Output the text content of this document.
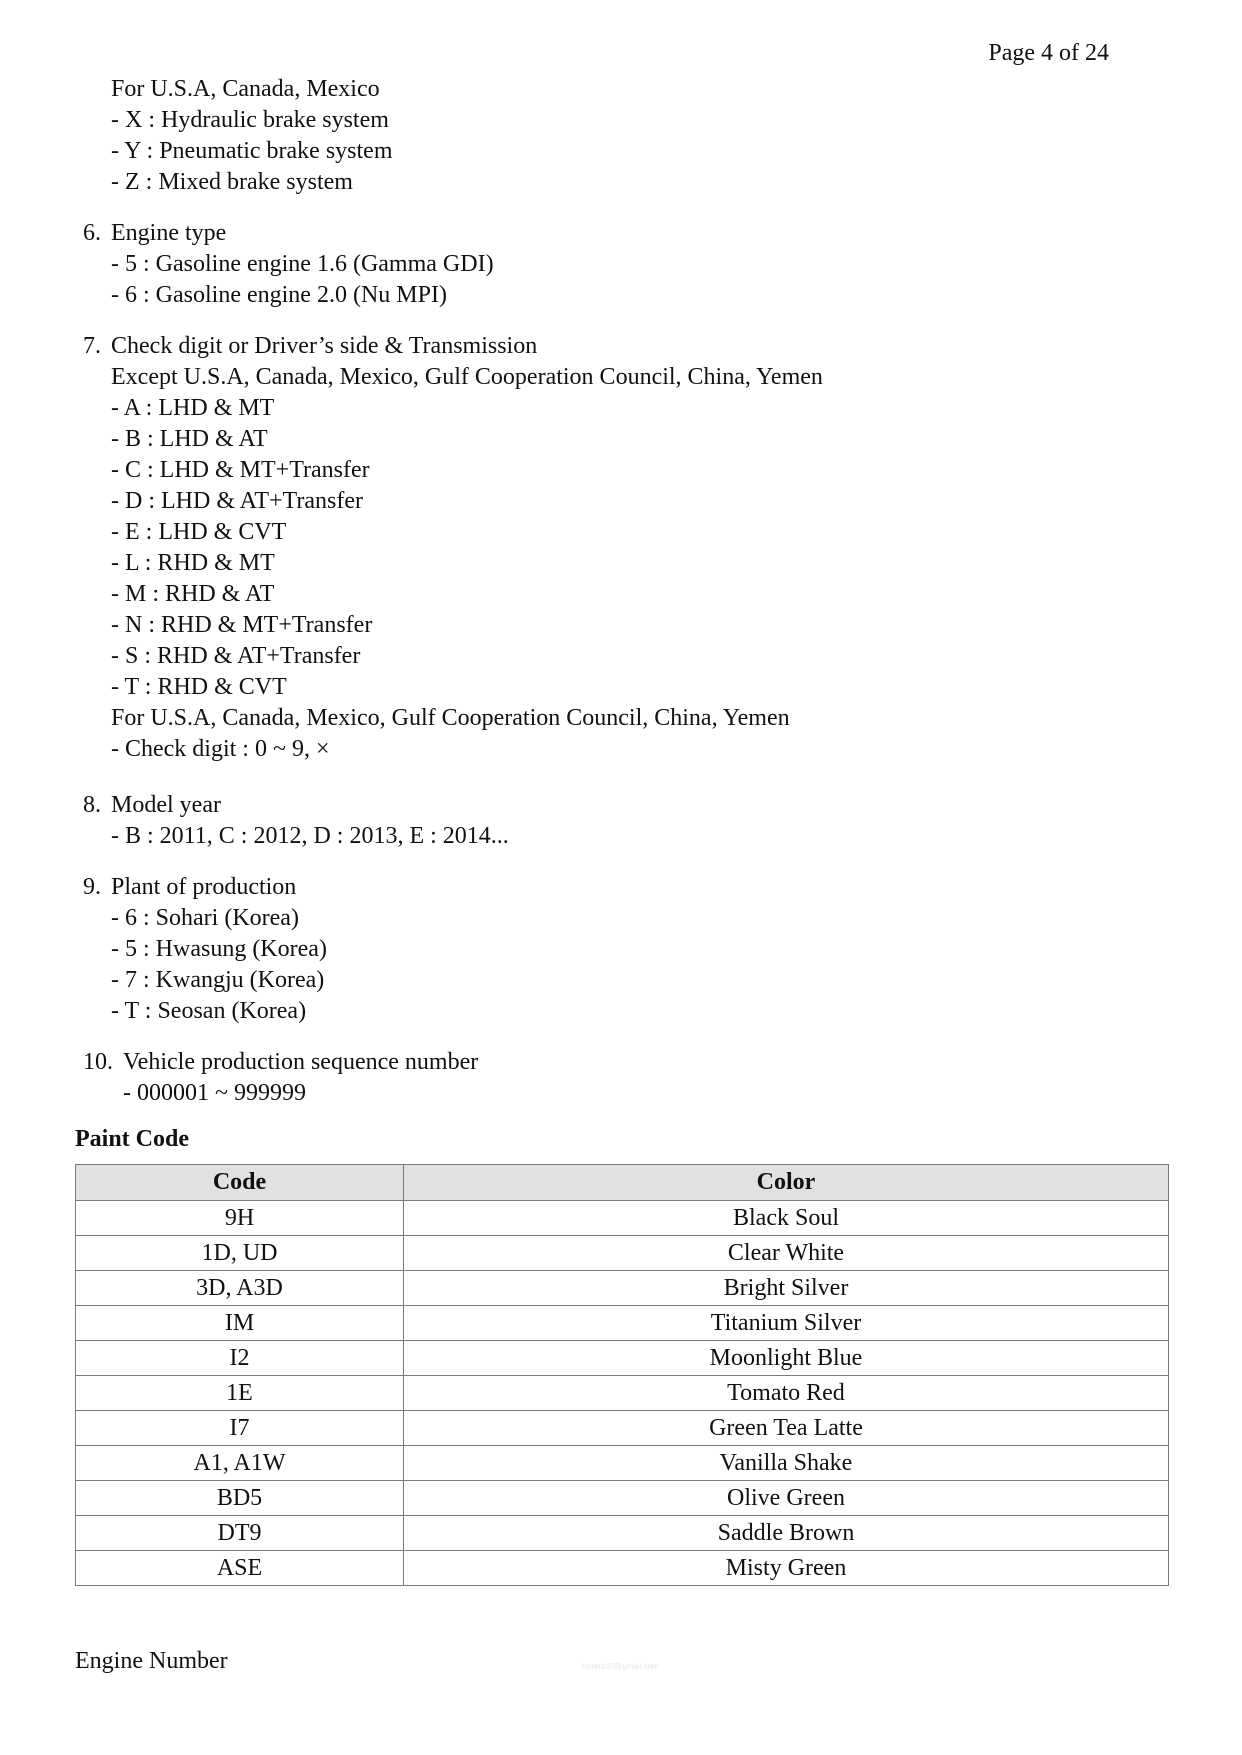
Page 4 of 24
For U.S.A, Canada, Mexico
- X : Hydraulic brake system
- Y : Pneumatic brake system
- Z : Mixed brake system
6. Engine type
- 5 : Gasoline engine 1.6 (Gamma GDI)
- 6 : Gasoline engine 2.0 (Nu MPI)
7. Check digit or Driver’s side & Transmission
Except U.S.A, Canada, Mexico, Gulf Cooperation Council, China, Yemen
- A : LHD & MT
- B : LHD & AT
- C : LHD & MT+Transfer
- D : LHD & AT+Transfer
- E : LHD & CVT
- L : RHD & MT
- M : RHD & AT
- N : RHD & MT+Transfer
- S : RHD & AT+Transfer
- T : RHD & CVT
For U.S.A, Canada, Mexico, Gulf Cooperation Council, China, Yemen
- Check digit : 0 ~ 9, ×
8. Model year
- B : 2011, C : 2012, D : 2013, E : 2014...
9. Plant of production
- 6 : Sohari (Korea)
- 5 : Hwasung (Korea)
- 7 : Kwangju (Korea)
- T : Seosan (Korea)
10. Vehicle production sequence number
- 000001 ~ 999999
Paint Code
Code	Color
9H	Black Soul
1D, UD	Clear White
3D, A3D	Bright Silver
IM	Titanium Silver
I2	Moonlight Blue
1E	Tomato Red
I7	Green Tea Latte
A1, A1W	Vanilla Shake
BD5	Olive Green
DT9	Saddle Brown
ASE	Misty Green
Engine Number	torrent45@gmail.com
